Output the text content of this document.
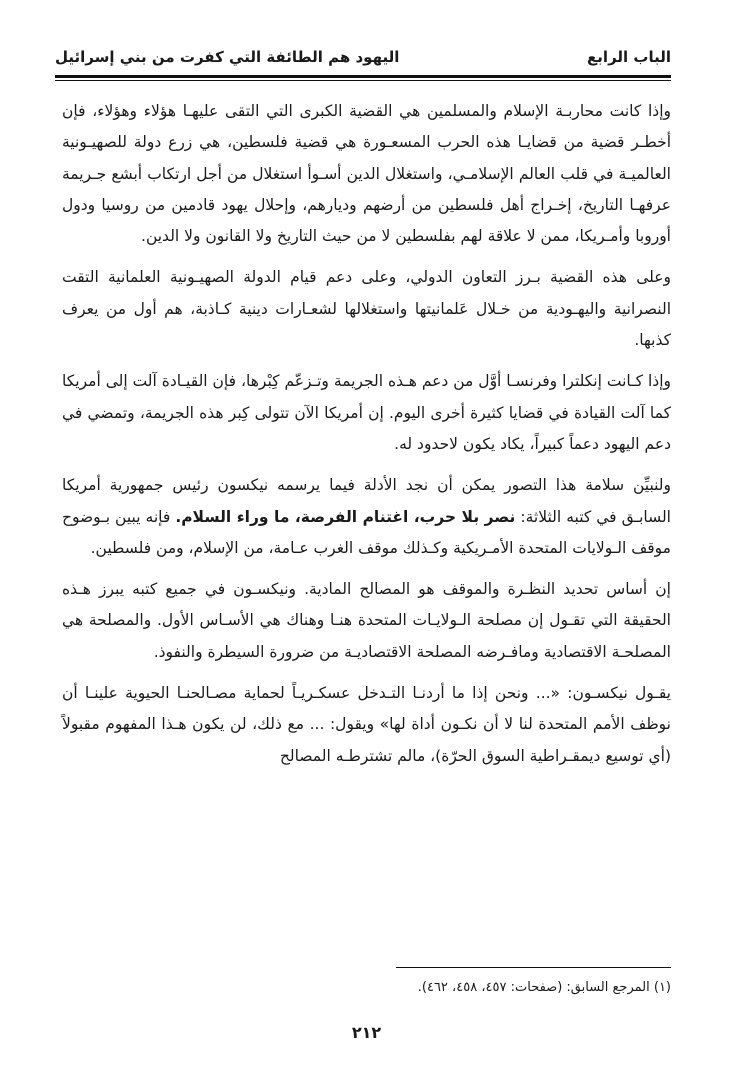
الباب الرابع
اليهود هم الطائفة التي كفرت من بني إسرائيل

وإذا كانت محاربـة الإسلام والمسلمين هي القضية الكبرى التي التقى عليهـا هؤلاء وهؤلاء، فإن أخطـر قضية من قضايـا هذه الحرب المسعـورة هي قضية فلسطين، هي زرع دولة للصهيـونية العالميـة في قلب العالم الإسلامـي، واستغلال الدين أسـوأ استغلال من أجل ارتكاب أبشع جـريمة عرفهـا التاريخ، إخـراج أهل فلسطين من أرضهم وديارهم، وإحلال يهود قادمين من روسيا ودول أوروبا وأمـريكا، ممن لا علاقة لهم بفلسطين لا من حيث التاريخ ولا القانون ولا الدين.

وعلى هذه القضية بـرز التعاون الدولي، وعلى دعم قيام الدولة الصهيـونية العلمانية التقت النصرانية واليهـودية من خـلال عَلمانيتها واستغلالها لشعـارات دينية كـاذبة، هم أول من يعرف كذبها.

وإذا كـانت إنكلترا وفرنسـا أوَّل من دعم هـذه الجريمة وتـزعّم كِبْرها، فإن القيـادة آلت إلى أمريكا كما آلت القيادة في قضايا كثيرة أخرى اليوم. إن أمريكا الآن تتولى كِبر هذه الجريمة، وتمضي في دعم اليهود دعماً كبيراً، يكاد يكون لاحدود له.

ولنبيِّن سلامة هذا التصور يمكن أن نجد الأدلة فيما يرسمه نيكسون رئيس جمهورية أمريكا السابـق في كتبه الثلاثة: نصر بلا حرب، اغتنام الفرصة، ما وراء السلام. فإنه يبين بـوضوح موقف الـولايات المتحدة الأمـريكية وكـذلك موقف الغرب عـامة، من الإسلام، ومن فلسطين.

إن أساس تحديد النظـرة والموقف هو المصالح المادية. ونيكسـون في جميع كتبه يبرز هـذه الحقيقة التي تقـول إن مصلحة الـولايـات المتحدة هنـا وهناك هي الأسـاس الأول. والمصلحة هي المصلحـة الاقتصادية ومافـرضه المصلحة الاقتصاديـة من ضرورة السيطرة والنفوذ.

يقـول نيكسـون: «... ونحن إذا ما أردنـا التـدخل عسكـريـاً لحماية مصـالحنـا الحيوية علينـا أن نوظف الأمم المتحدة لنا لا أن نكـون أداة لها» ويقول: ... مع ذلك، لن يكون هـذا المفهوم مقبولاً (أي توسيع ديمقـراطية السوق الحرّة)، مالم تشترطـه المصالح

(١) المرجع السابق: (صفحات: ٤٥٧، ٤٥٨، ٤٦٢).
٢١٢
